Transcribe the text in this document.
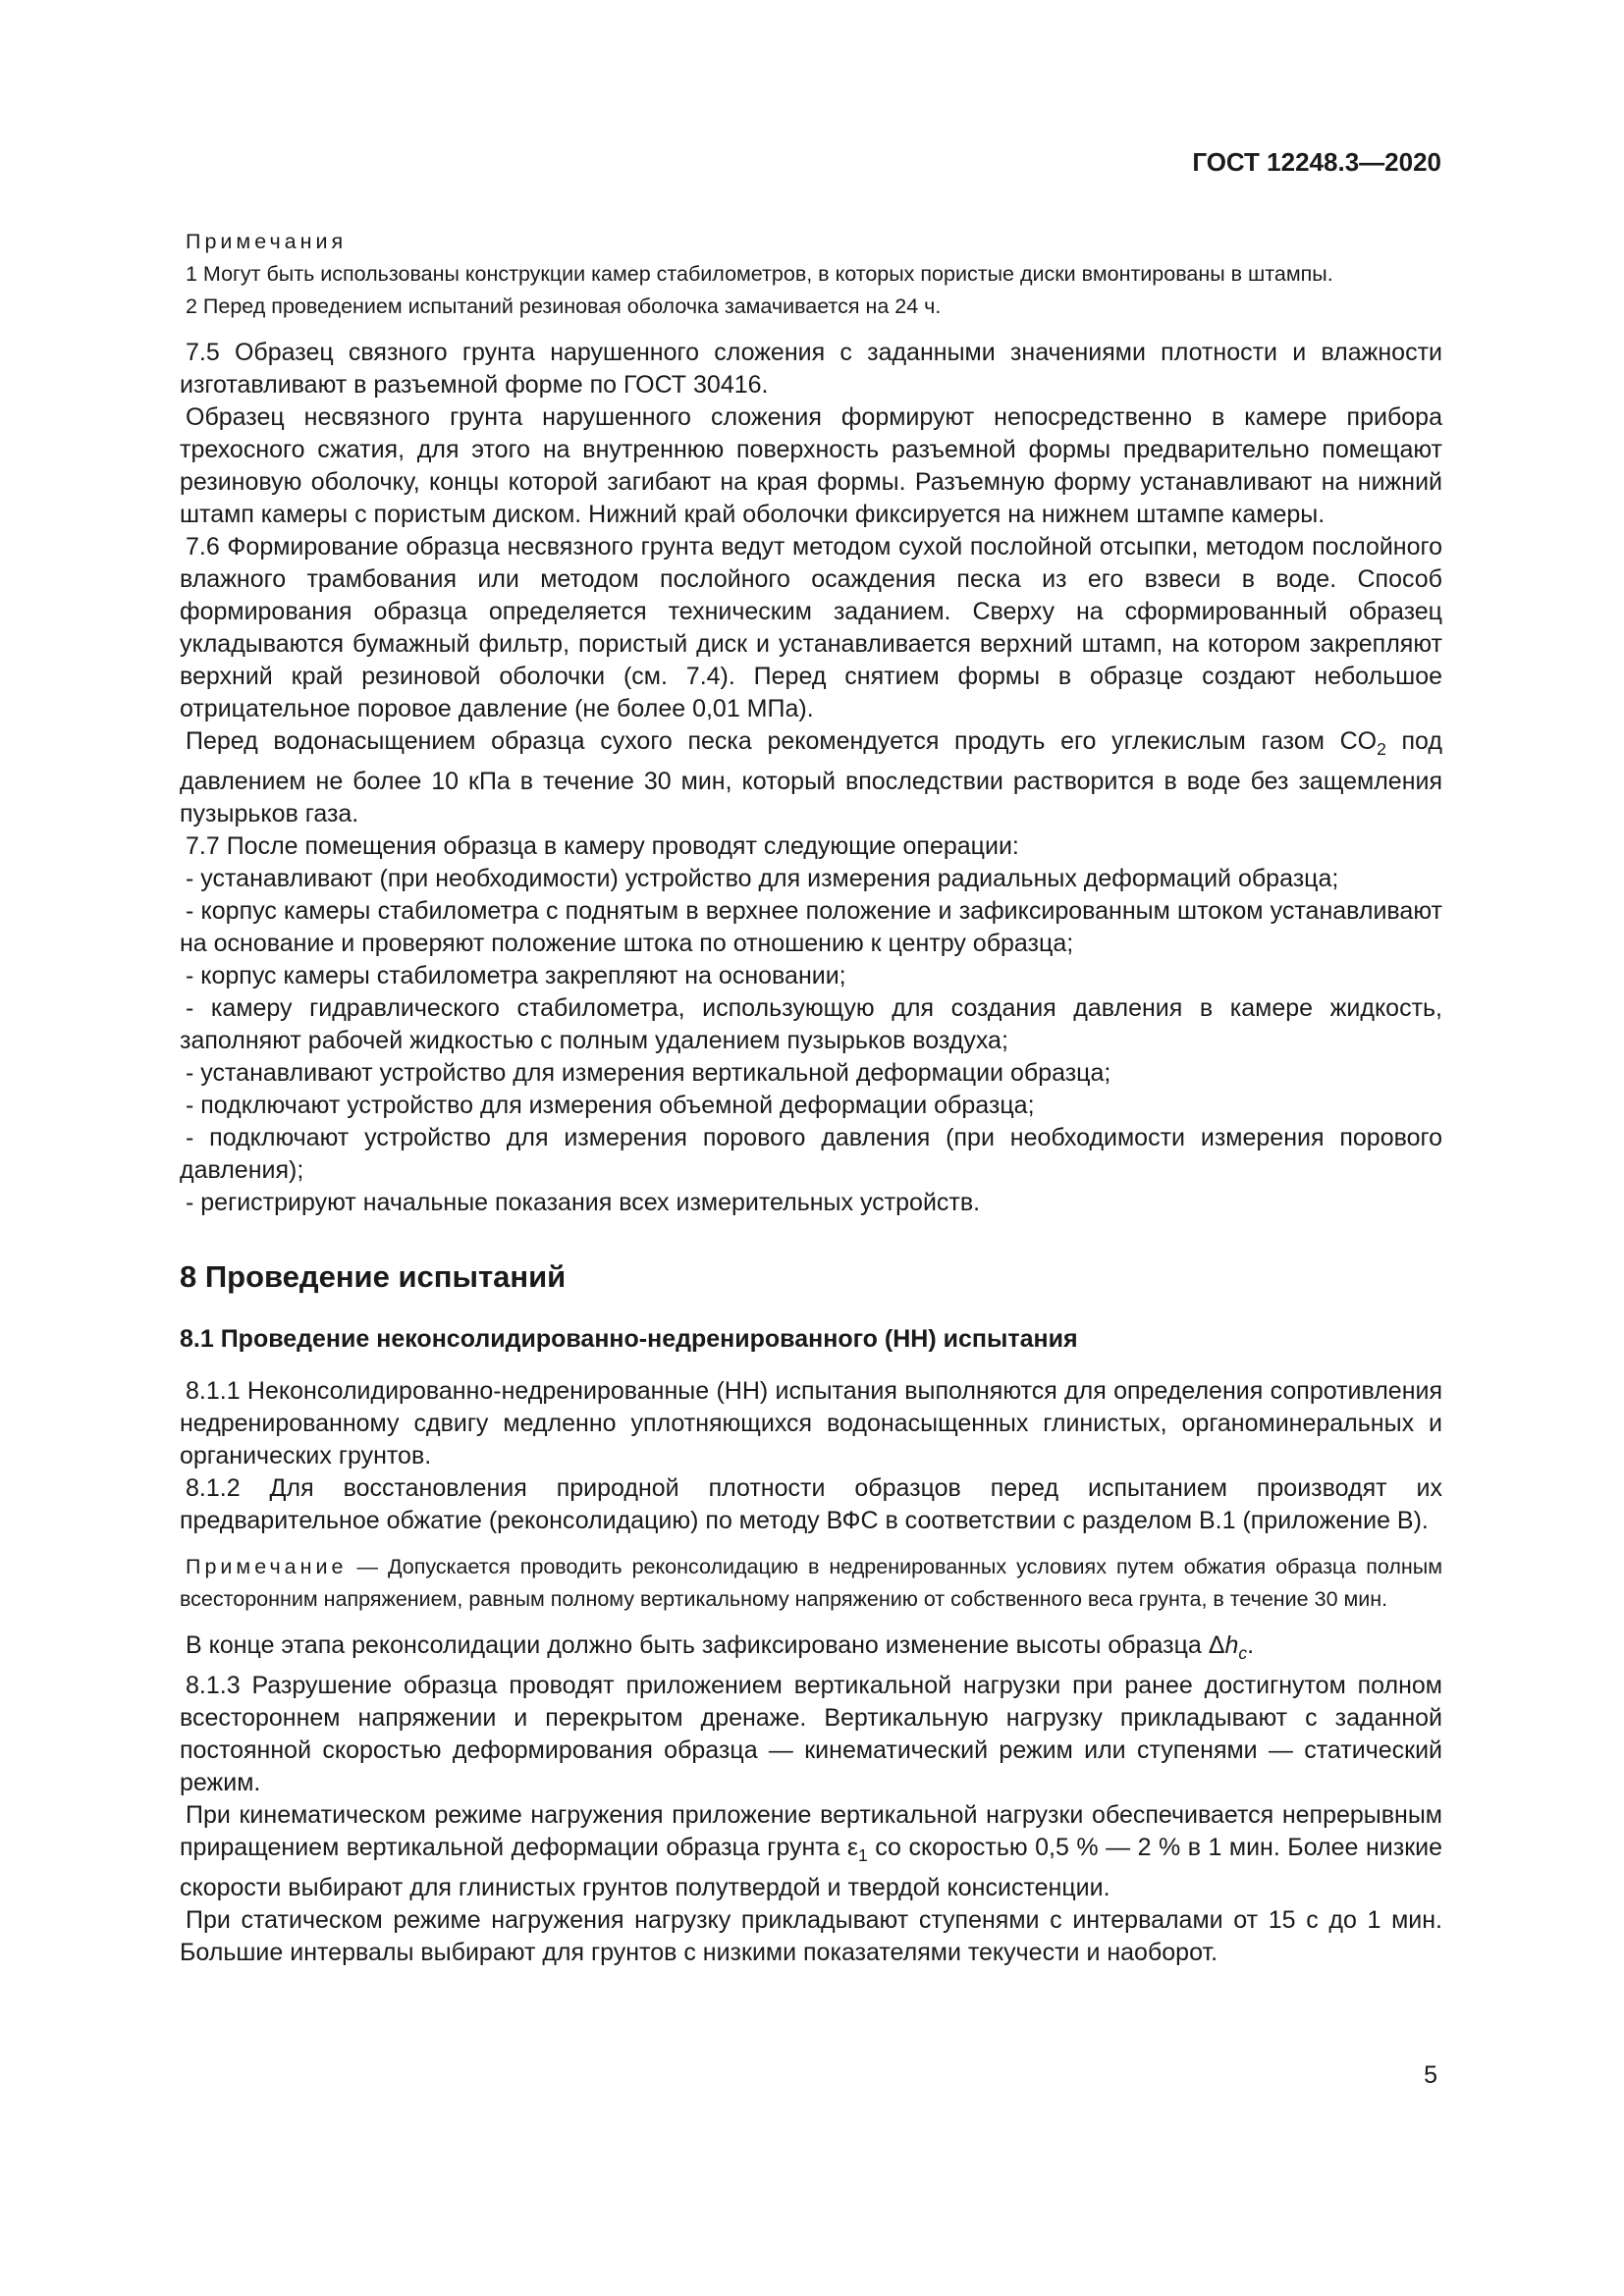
ГОСТ 12248.3—2020
Примечания
1 Могут быть использованы конструкции камер стабилометров, в которых пористые диски вмонтированы в штампы.
2 Перед проведением испытаний резиновая оболочка замачивается на 24 ч.

7.5 Образец связного грунта нарушенного сложения с заданными значениями плотности и влажности изготавливают в разъемной форме по ГОСТ 30416.

Образец несвязного грунта нарушенного сложения формируют непосредственно в камере прибора трехосного сжатия, для этого на внутреннюю поверхность разъемной формы предварительно помещают резиновую оболочку, концы которой загибают на края формы. Разъемную форму устанавливают на нижний штамп камеры с пористым диском. Нижний край оболочки фиксируется на нижнем штампе камеры.

7.6 Формирование образца несвязного грунта ведут методом сухой послойной отсыпки, методом послойного влажного трамбования или методом послойного осаждения песка из его взвеси в воде. Способ формирования образца определяется техническим заданием. Сверху на сформированный образец укладываются бумажный фильтр, пористый диск и устанавливается верхний штамп, на котором закрепляют верхний край резиновой оболочки (см. 7.4). Перед снятием формы в образце создают небольшое отрицательное поровое давление (не более 0,01 МПа).

Перед водонасыщением образца сухого песка рекомендуется продуть его углекислым газом $CO_2$ под давлением не более 10 кПа в течение 30 мин, который впоследствии растворится в воде без защемления пузырьков газа.

7.7 После помещения образца в камеру проводят следующие операции:

- устанавливают (при необходимости) устройство для измерения радиальных деформаций образца;

- корпус камеры стабилометра с поднятым в верхнее положение и зафиксированным штоком устанавливают на основание и проверяют положение штока по отношению к центру образца;

- корпус камеры стабилометра закрепляют на основании;

- камеру гидравлического стабилометра, использующую для создания давления в камере жидкость, заполняют рабочей жидкостью с полным удалением пузырьков воздуха;

- устанавливают устройство для измерения вертикальной деформации образца;

- подключают устройство для измерения объемной деформации образца;

- подключают устройство для измерения порового давления (при необходимости измерения порового давления);

- регистрируют начальные показания всех измерительных устройств.

8 Проведение испытаний
8.1 Проведение неконсолидированно-недренированного (НН) испытания

8.1.1 Неконсолидированно-недренированные (НН) испытания выполняются для определения сопротивления недренированному сдвигу медленно уплотняющихся водонасыщенных глинистых, органоминеральных и органических грунтов.

8.1.2 Для восстановления природной плотности образцов перед испытанием производят их предварительное обжатие (реконсолидацию) по методу ВФС в соответствии с разделом В.1 (приложение В).

Примечание — Допускается проводить реконсолидацию в недренированных условиях путем обжатия образца полным всесторонним напряжением, равным полному вертикальному напряжению от собственного веса грунта, в течение 30 мин.

В конце этапа реконсолидации должно быть зафиксировано изменение высоты образца $\Delta h_c$.

8.1.3 Разрушение образца проводят приложением вертикальной нагрузки при ранее достигнутом полном всестороннем напряжении и перекрытом дренаже. Вертикальную нагрузку прикладывают с заданной постоянной скоростью деформирования образца — кинематический режим или ступенями — статический режим.

При кинематическом режиме нагружения приложение вертикальной нагрузки обеспечивается непрерывным приращением вертикальной деформации образца грунта $\varepsilon_1$ со скоростью 0,5 % — 2 % в 1 мин. Более низкие скорости выбирают для глинистых грунтов полутвердой и твердой консистенции.

При статическом режиме нагружения нагрузку прикладывают ступенями с интервалами от 15 с до 1 мин. Большие интервалы выбирают для грунтов с низкими показателями текучести и наоборот.

5
